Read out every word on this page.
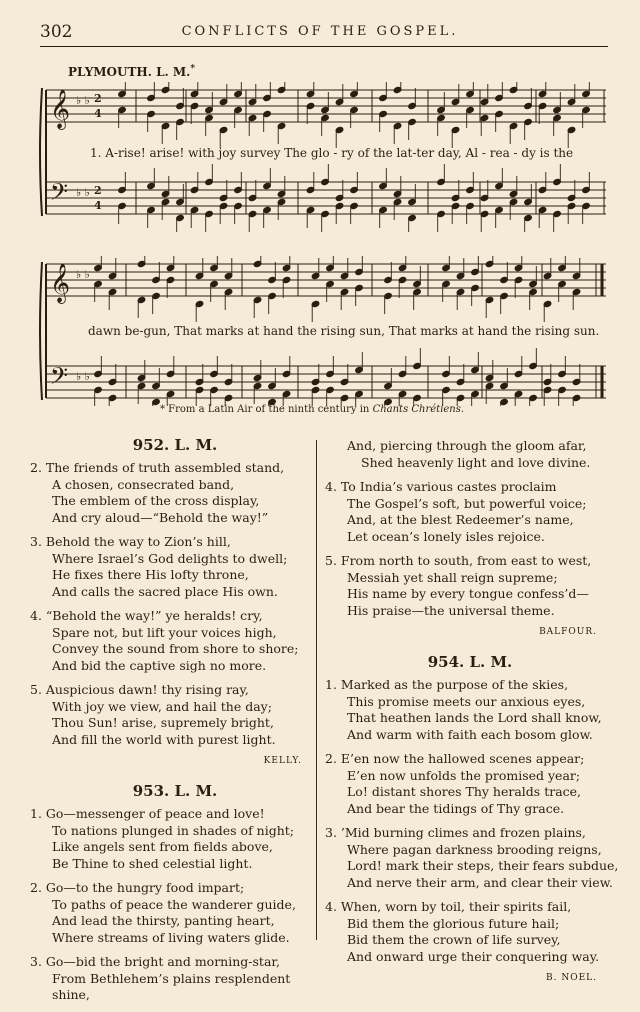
302	CONFLICTS OF THE GOSPEL.
PLYMOUTH. L. M.*
𝄞
𝄢
♭ ♭
♭ ♭
2
4
2
4
1. A-rise! arise! with joy survey The glo - ry of the lat-ter day, Al - rea - dy is the
𝄞
𝄢
♭ ♭
♭ ♭
dawn be-gun, That marks at hand the rising sun, That marks at hand the rising sun.
* From a Latin Air of the ninth century in Chants Chrétiens.
952. L. M.
2. The friends of truth assembled stand,
A chosen, consecrated band,
The emblem of the cross display,
And cry aloud—“Behold the way!”
3. Behold the way to Zion’s hill,
Where Israel’s God delights to dwell;
He fixes there His lofty throne,
And calls the sacred place His own.
4. “Behold the way!” ye heralds! cry,
Spare not, but lift your voices high,
Convey the sound from shore to shore;
And bid the captive sigh no more.
5. Auspicious dawn! thy rising ray,
With joy we view, and hail the day;
Thou Sun! arise, supremely bright,
And fill the world with purest light.
KELLY.
953. L. M.
1. Go—messenger of peace and love!
To nations plunged in shades of night;
Like angels sent from fields above,
Be Thine to shed celestial light.
2. Go—to the hungry food impart;
To paths of peace the wanderer guide,
And lead the thirsty, panting heart,
Where streams of living waters glide.
3. Go—bid the bright and morning-star,
From Bethlehem’s plains resplendent
shine,
And, piercing through the gloom afar,
Shed heavenly light and love divine.
4. To India’s various castes proclaim
The Gospel’s soft, but powerful voice;
And, at the blest Redeemer’s name,
Let ocean’s lonely isles rejoice.
5. From north to south, from east to west,
Messiah yet shall reign supreme;
His name by every tongue confess’d—
His praise—the universal theme.
BALFOUR.
954. L. M.
1. Marked as the purpose of the skies,
This promise meets our anxious eyes,
That heathen lands the Lord shall know,
And warm with faith each bosom glow.
2. E’en now the hallowed scenes appear;
E’en now unfolds the promised year;
Lo! distant shores Thy heralds trace,
And bear the tidings of Thy grace.
3. ’Mid burning climes and frozen plains,
Where pagan darkness brooding reigns,
Lord! mark their steps, their fears subdue,
And nerve their arm, and clear their view.
4. When, worn by toil, their spirits fail,
Bid them the glorious future hail;
Bid them the crown of life survey,
And onward urge their conquering way.
B. NOEL.
